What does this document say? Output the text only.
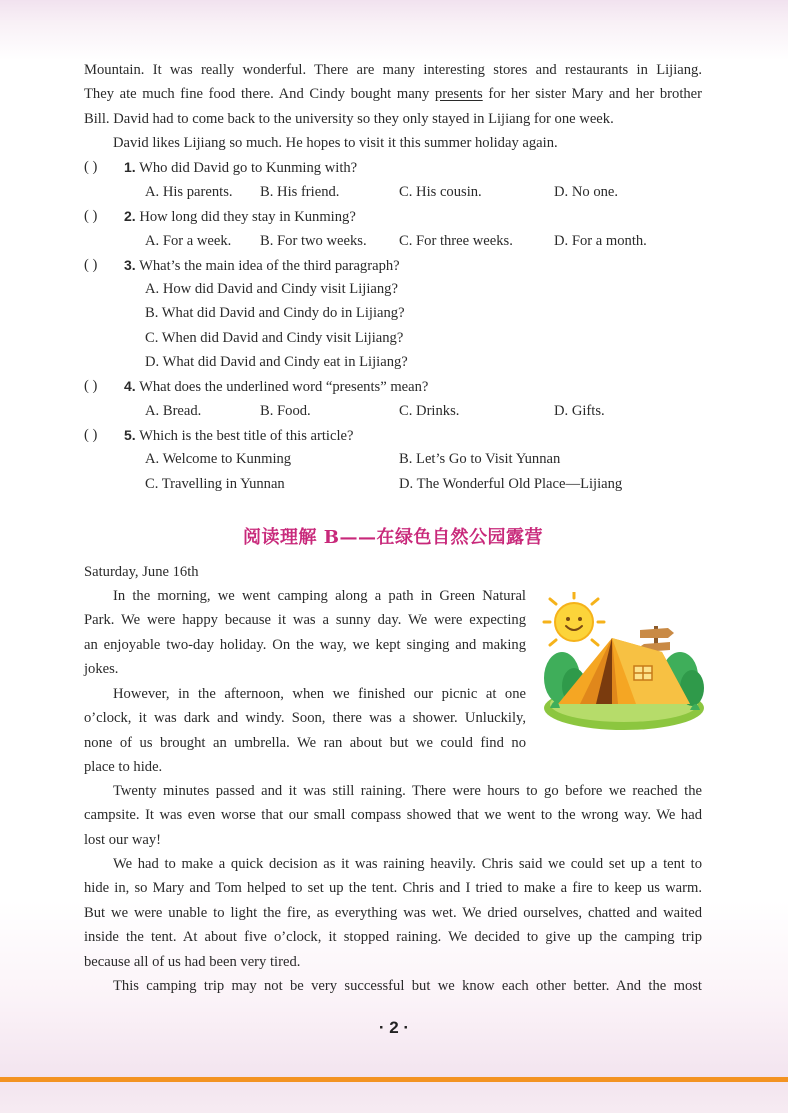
Mountain. It was really wonderful. There are many interesting stores and restaurants in Lijiang.
They ate much fine food there. And Cindy bought many presents for her sister Mary and her brother
Bill. David had to come back to the university so they only stayed in Lijiang for one week.
David likes Lijiang so much. He hopes to visit it this summer holiday again.
( ) 1. Who did David go to Kunming with?
A. His parents. B. His friend.	C. His cousin.	D. No one.
( ) 2. How long did they stay in Kunming?
A. For a week. B. For two weeks. C. For three weeks.	D. For a month.
( ) 3. What’s the main idea of the third paragraph?
A. How did David and Cindy visit Lijiang?
B. What did David and Cindy do in Lijiang?
C. When did David and Cindy visit Lijiang?
D. What did David and Cindy eat in Lijiang?
( ) 4. What does the underlined word “presents” mean?
A. Bread.	B. Food.	C. Drinks.	D. Gifts.
( ) 5. Which is the best title of this article?
A. Welcome to Kunming	B. Let’s Go to Visit Yunnan
C. Travelling in Yunnan	D. The Wonderful Old Place—Lijiang
阅读理解 B——在绿色自然公园露营
Saturday, June 16th
In the morning, we went camping along a path in Green Natural
Park. We were happy because it was a sunny day. We were expecting
an enjoyable two-day holiday. On the way, we kept singing and making
jokes.
However, in the afternoon, when we finished our picnic at one
o’clock, it was dark and windy. Soon, there was a shower. Unluckily,
none of us brought an umbrella. We ran about but we could find no
place to hide.
Twenty minutes passed and it was still raining. There were hours to go before we reached the
campsite. It was even worse that our small compass showed that we went to the wrong way. We had
lost our way!
We had to make a quick decision as it was raining heavily. Chris said we could set up a tent to
hide in, so Mary and Tom helped to set up the tent. Chris and I tried to make a fire to keep us warm.
But we were unable to light the fire, as everything was wet. We dried ourselves, chatted and waited
inside the tent. At about five o’clock, it stopped raining. We decided to give up the camping trip
because all of us had been very tired.
This camping trip may not be very successful but we know each other better. And the most
· 2 ·
